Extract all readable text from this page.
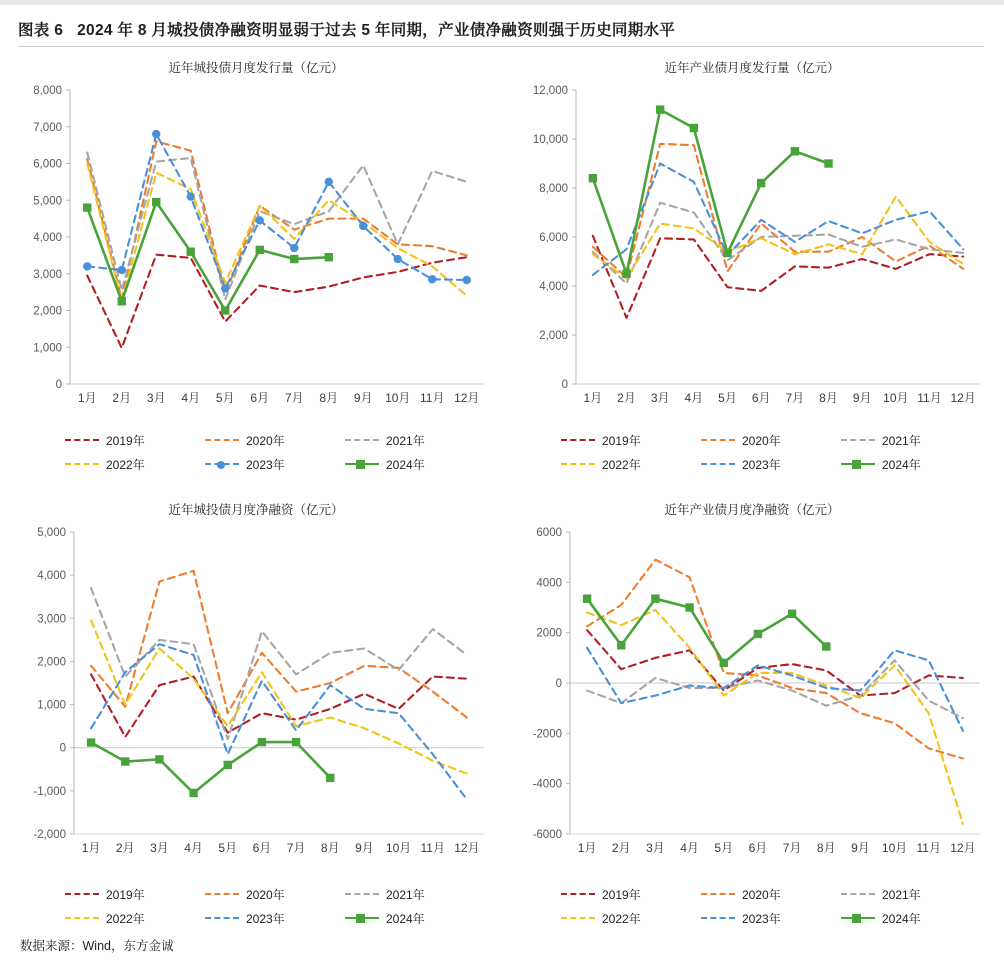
图表 6 2024 年 8 月城投债净融资明显弱于过去 5 年同期，产业债净融资则强于历史同期水平
近年城投债月度发行量（亿元）
0
1,000
2,000
3,000
4,000
5,000
6,000
7,000
8,000
1月 2月 3月 4月 5月 6月 7月 8月 9月 10月 11月 12月
2019年	2020年	2021年
2022年	2023年	2024年
近年产业债月度发行量（亿元）
0
2,000
4,000
6,000
8,000
10,000
12,000
1月 2月 3月 4月 5月 6月 7月 8月 9月 10月 11月 12月
2019年	2020年	2021年
2022年	2023年	2024年
近年城投债月度净融资（亿元）
-2,000
-1,000
0
1,000
2,000
3,000
4,000
5,000
1月 2月 3月 4月 5月 6月 7月 8月 9月 10月 11月 12月
2019年	2020年	2021年
2022年	2023年	2024年
近年产业债月度净融资（亿元）
-6000
-4000
-2000
0
2000
4000
6000
1月 2月 3月 4月 5月 6月 7月 8月 9月 10月 11月 12月
2019年	2020年	2021年
2022年	2023年	2024年
数据来源：Wind，东方金诚
